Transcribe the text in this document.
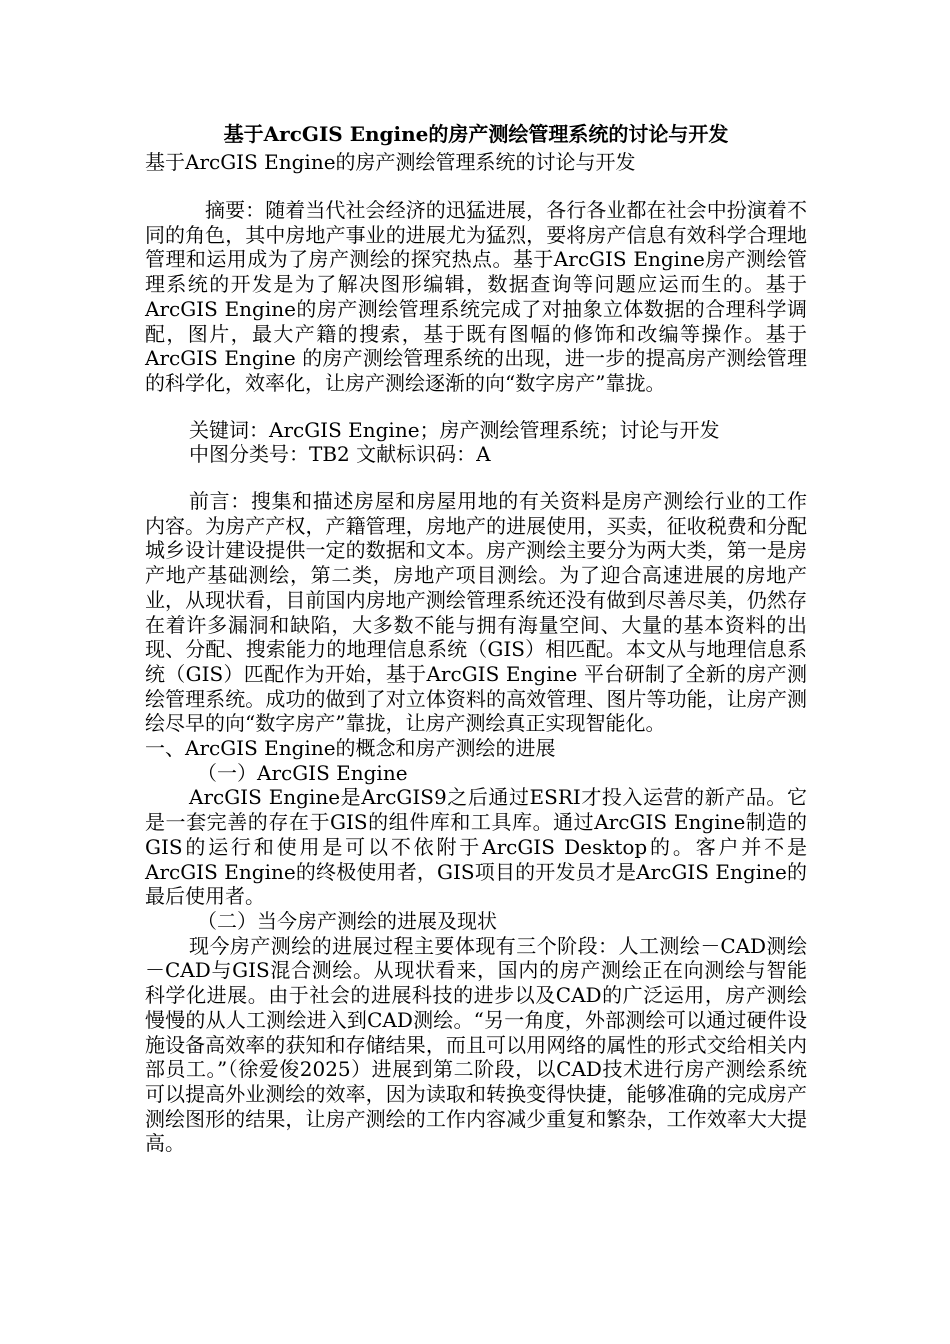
基于ArcGIS Engine的房产测绘管理系统的讨论与开发
基于ArcGIS Engine的房产测绘管理系统的讨论与开发

摘要：随着当代社会经济的迅猛进展，各行各业都在社会中扮演着不同的角色，其中房地产事业的进展尤为猛烈，要将房产信息有效科学合理地管理和运用成为了房产测绘的探究热点。基于ArcGIS Engine房产测绘管理系统的开发是为了解决图形编辑，数据查询等问题应运而生的。基于ArcGIS Engine的房产测绘管理系统完成了对抽象立体数据的合理科学调配，图片，最大产籍的搜索，基于既有图幅的修饰和改编等操作。基于 ArcGIS Engine 的房产测绘管理系统的出现，进一步的提高房产测绘管理的科学化，效率化，让房产测绘逐渐的向“数字房产”靠拢。

关键词：ArcGIS Engine；房产测绘管理系统；讨论与开发

中图分类号：TB2 文献标识码：A

前言：搜集和描述房屋和房屋用地的有关资料是房产测绘行业的工作内容。为房产产权，产籍管理，房地产的进展使用，买卖，征收税费和分配城乡设计建设提供一定的数据和文本。房产测绘主要分为两大类，第一是房产地产基础测绘，第二类，房地产项目测绘。为了迎合高速进展的房地产业，从现状看，目前国内房地产测绘管理系统还没有做到尽善尽美，仍然存在着许多漏洞和缺陷，大多数不能与拥有海量空间、大量的基本资料的出现、分配、搜索能力的地理信息系统（GIS）相匹配。本文从与地理信息系统（GIS）匹配作为开始，基于ArcGIS Engine 平台研制了全新的房产测绘管理系统。成功的做到了对立体资料的高效管理、图片等功能，让房产测绘尽早的向“数字房产”靠拢，让房产测绘真正实现智能化。

一、ArcGIS Engine的概念和房产测绘的进展

（一）ArcGIS Engine

ArcGIS Engine是ArcGIS9之后通过ESRI才投入运营的新产品。它是一套完善的存在于GIS的组件库和工具库。通过ArcGIS Engine制造的GIS的运行和使用是可以不依附于ArcGIS Desktop的。客户并不是ArcGIS Engine的终极使用者，GIS项目的开发员才是ArcGIS Engine的最后使用者。

（二）当今房产测绘的进展及现状

现今房产测绘的进展过程主要体现有三个阶段：人工测绘－CAD测绘－CAD与GIS混合测绘。从现状看来，国内的房产测绘正在向测绘与智能科学化进展。由于社会的进展科技的进步以及CAD的广泛运用，房产测绘慢慢的从人工测绘进入到CAD测绘。“另一角度，外部测绘可以通过硬件设施设备高效率的获知和存储结果，而且可以用网络的属性的形式交给相关内部员工。”（徐爱俊2025）进展到第二阶段，以CAD技术进行房产测绘系统可以提高外业测绘的效率，因为读取和转换变得快捷，能够准确的完成房产测绘图形的结果，让房产测绘的工作内容减少重复和繁杂，工作效率大大提高。
